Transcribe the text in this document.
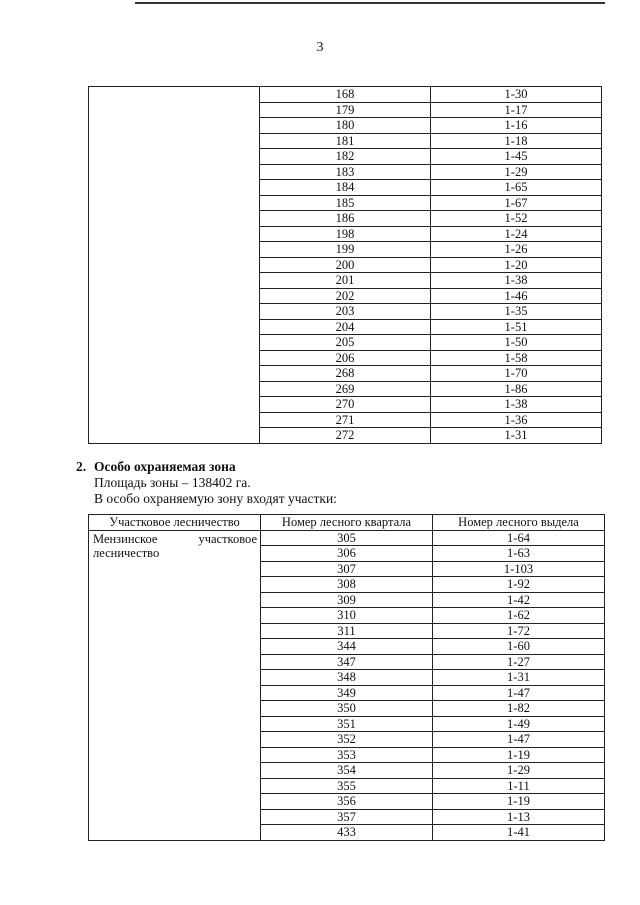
3
	168	1-30
	179	1-17
	180	1-16
	181	1-18
	182	1-45
	183	1-29
	184	1-65
	185	1-67
	186	1-52
	198	1-24
	199	1-26
	200	1-20
	201	1-38
	202	1-46
	203	1-35
	204	1-51
	205	1-50
	206	1-58
	268	1-70
	269	1-86
	270	1-38
	271	1-36
	272	1-31
2. Особо охраняемая зона
Площадь зоны – 138402 га.
В особо охраняемую зону входят участки:
Участковое лесничество	Номер лесного квартала	Номер лесного выдела

Мензинское участковое
лесничество	305	1-64
	306	1-63
	307	1-103
	308	1-92
	309	1-42
	310	1-62
	311	1-72
	344	1-60
	347	1-27
	348	1-31
	349	1-47
	350	1-82
	351	1-49
	352	1-47
	353	1-19
	354	1-29
	355	1-11
	356	1-19
	357	1-13
	433	1-41
